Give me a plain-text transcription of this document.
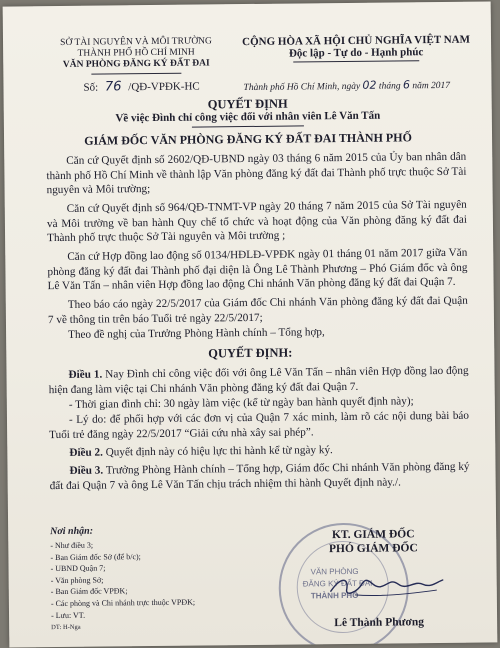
SỞ TÀI NGUYÊN VÀ MÔI TRƯỜNG
THÀNH PHỐ HỒ CHÍ MINH
VĂN PHÒNG ĐĂNG KÝ ĐẤT ĐAI
Số: 76 /QĐ-VPĐK-HC
CỘNG HÒA XÃ HỘI CHỦ NGHĨA VIỆT NAM
Độc lập - Tự do - Hạnh phúc
Thành phố Hồ Chí Minh, ngày 02 tháng 6 năm 2017
QUYẾT ĐỊNH
Về việc Đình chỉ công việc đối với nhân viên Lê Văn Tấn
GIÁM ĐỐC VĂN PHÒNG ĐĂNG KÝ ĐẤT ĐAI THÀNH PHỐ
Căn cứ Quyết định số 2602/QĐ-UBND ngày 03 tháng 6 năm 2015 của Ủy ban nhân dân thành phố Hồ Chí Minh về thành lập Văn phòng đăng ký đất đai Thành phố trực thuộc Sở Tài nguyên và Môi trường;
Căn cứ Quyết định số 964/QĐ-TNMT-VP ngày 20 tháng 7 năm 2015 của Sở Tài nguyên và Môi trường về ban hành Quy chế tổ chức và hoạt động của Văn phòng đăng ký đất đai Thành phố trực thuộc Sở Tài nguyên và Môi trường ;
Căn cứ Hợp đồng lao động số 0134/HĐLĐ-VPĐK ngày 01 tháng 01 năm 2017 giữa Văn phòng đăng ký đất đai Thành phố đại diện là Ông Lê Thành Phương – Phó Giám đốc và ông Lê Văn Tấn – nhân viên Hợp đồng lao động Chi nhánh Văn phòng đăng ký đất đai Quận 7.
Theo báo cáo ngày 22/5/2017 của Giám đốc Chi nhánh Văn phòng đăng ký đất đai Quận 7 về thông tin trên báo Tuổi trẻ ngày 22/5/2017;
Theo đề nghị của Trưởng Phòng Hành chính – Tổng hợp,
QUYẾT ĐỊNH:
Điều 1. Nay Đình chỉ công việc đối với ông Lê Văn Tấn – nhân viên Hợp đồng lao động hiện đang làm việc tại Chi nhánh Văn phòng đăng ký đất đai Quận 7.
- Thời gian đình chỉ: 30 ngày làm việc (kể từ ngày ban hành quyết định này);
- Lý do: để phối hợp với các đơn vị của Quận 7 xác minh, làm rõ các nội dung bài báo Tuổi trẻ đăng ngày 22/5/2017 “Giải cứu nhà xây sai phép”.
Điều 2. Quyết định này có hiệu lực thi hành kể từ ngày ký.
Điều 3. Trưởng Phòng Hành chính – Tổng hợp, Giám đốc Chi nhánh Văn phòng đăng ký đất đai Quận 7 và ông Lê Văn Tấn chịu trách nhiệm thi hành Quyết định này./.
Nơi nhận:
- Như điều 3;
- Ban Giám đốc Sở (để b/c);
- UBND Quận 7;
- Văn phòng Sở;
- Ban Giám đốc VPĐK;
- Các phòng và Chi nhánh trực thuộc VPĐK;
- Lưu: VT.
DT: H-Nga
VĂN PHÒNG
ĐĂNG KÝ ĐẤT ĐAI
THÀNH PHỐ
KT. GIÁM ĐỐC
PHÓ GIÁM ĐỐC
Lê Thành Phương
